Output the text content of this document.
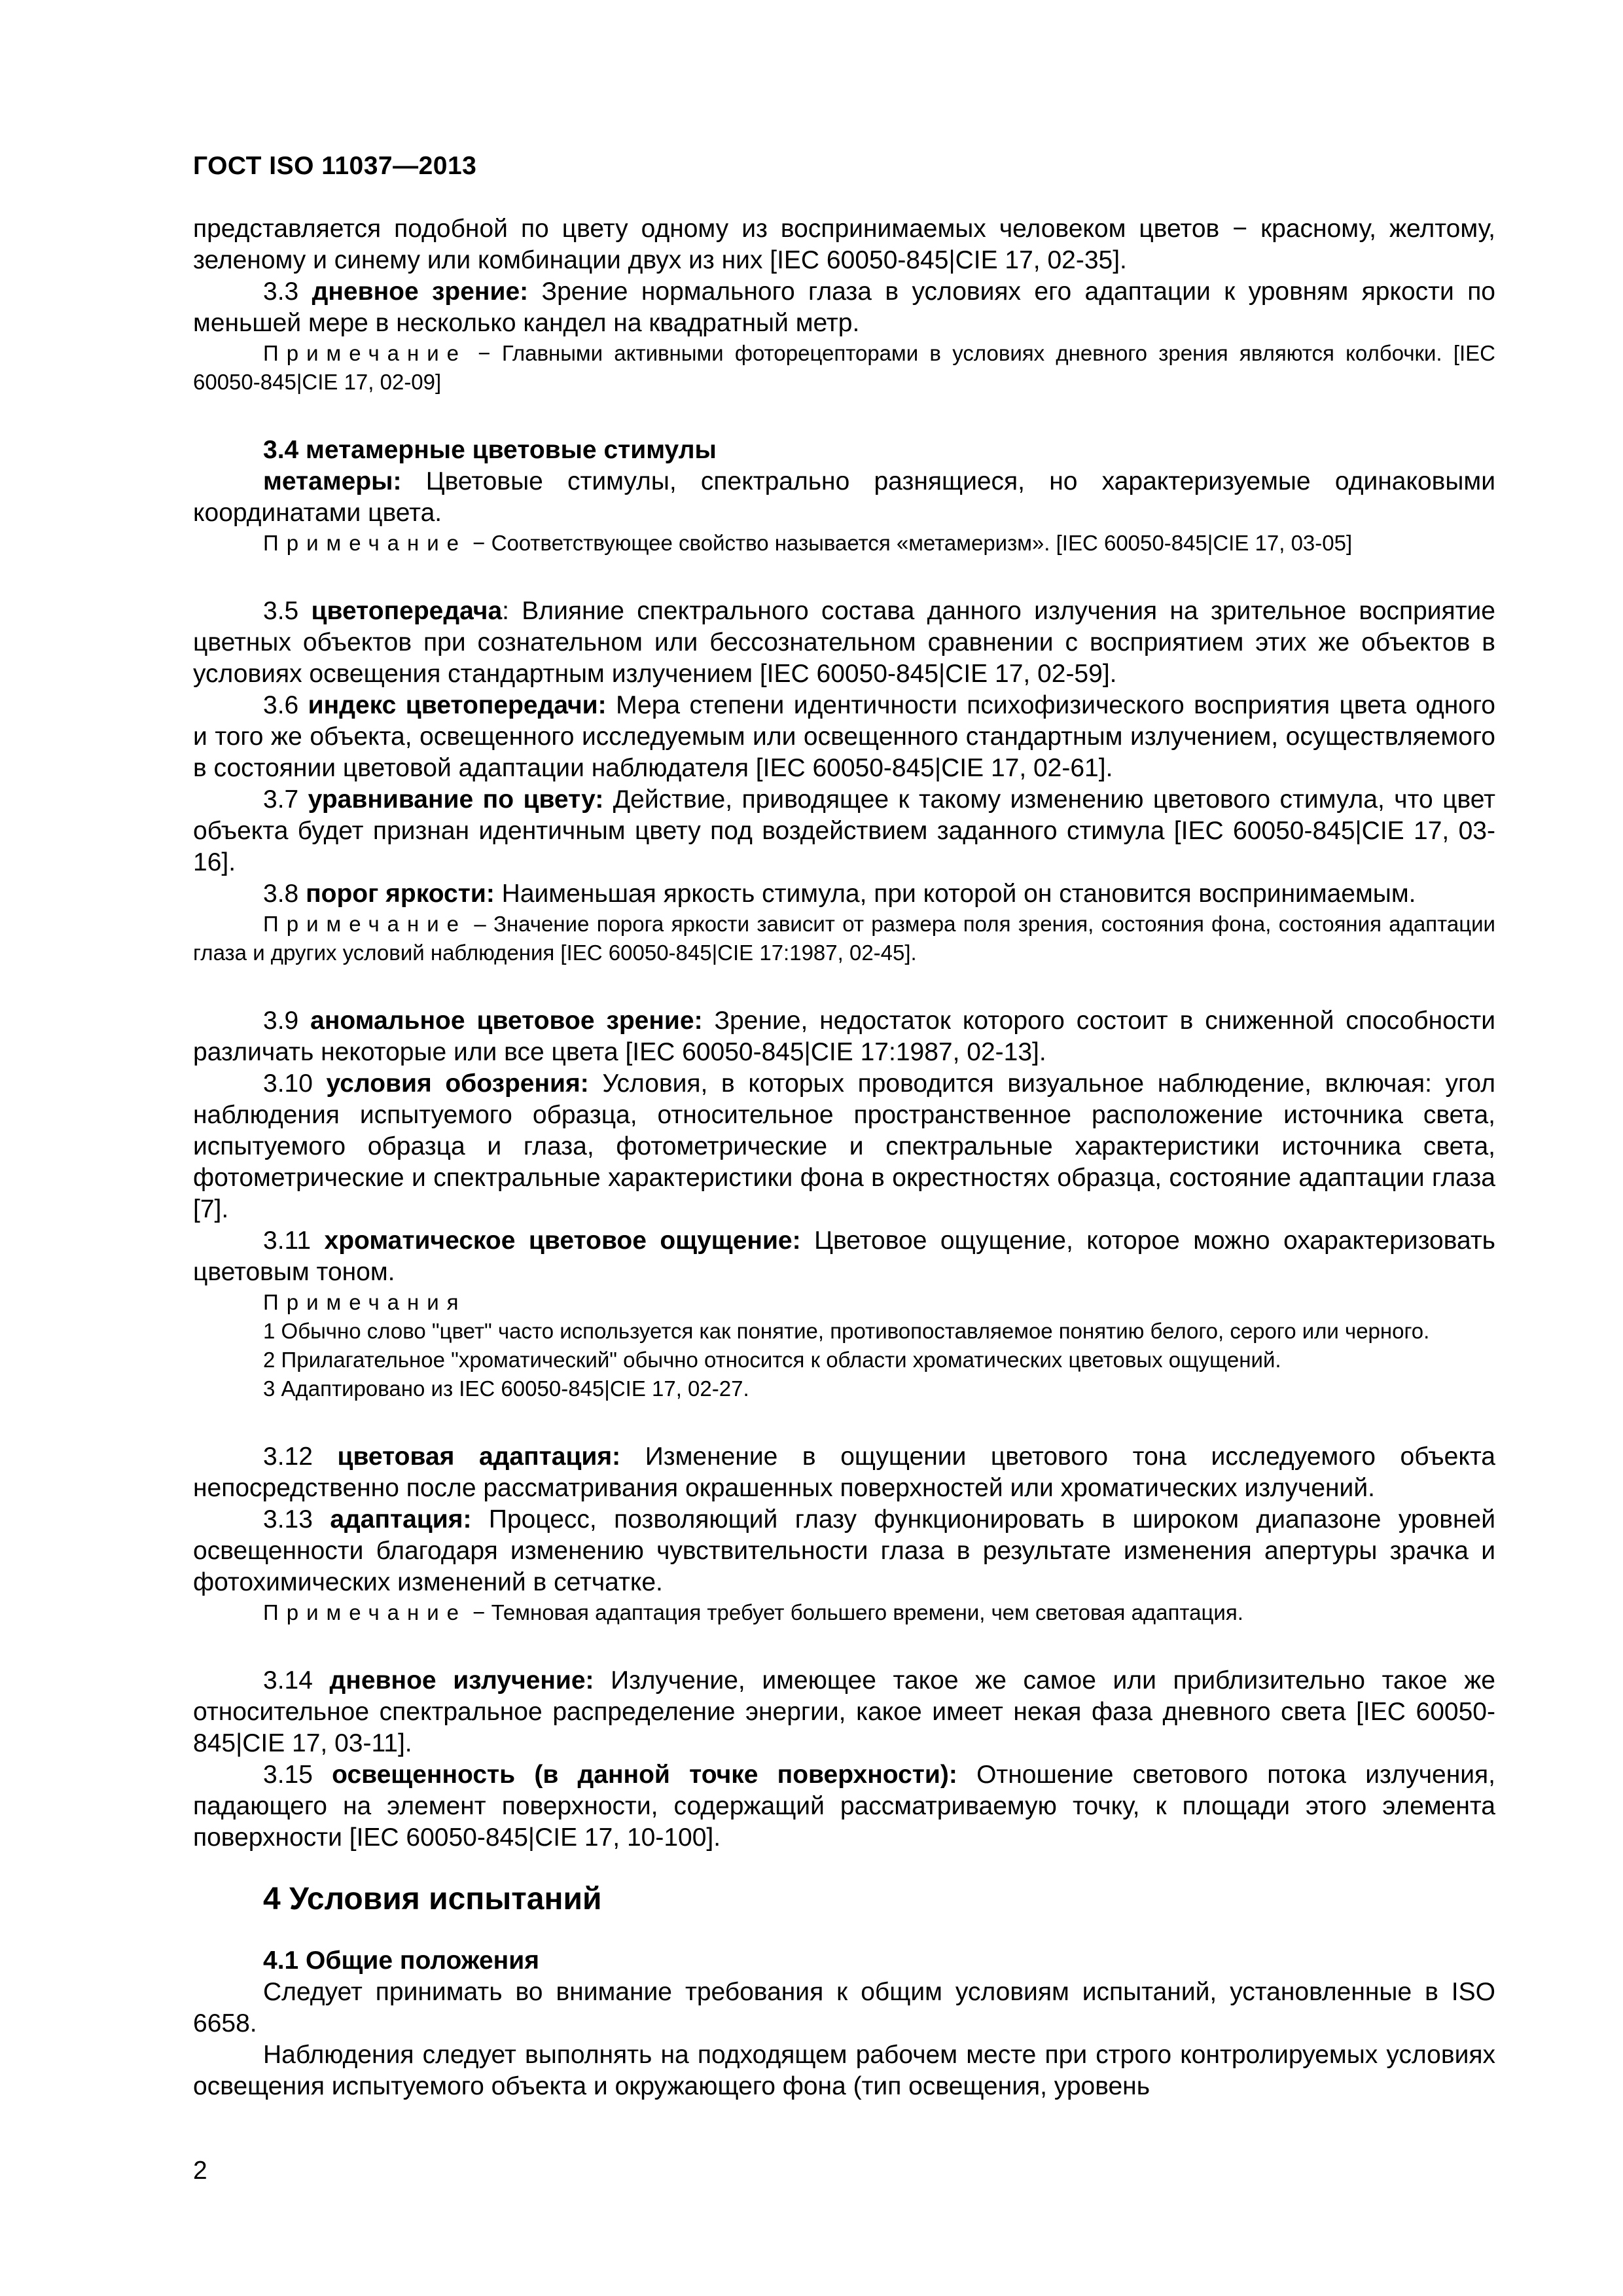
ГОСТ ISO 11037—2013

представляется подобной по цвету одному из воспринимаемых человеком цветов − красному, желтому, зеленому и синему или комбинации двух из них [IEC 60050-845|CIE 17, 02-35].

3.3 дневное зрение: Зрение нормального глаза в условиях его адаптации к уровням яркости по меньшей мере в несколько кандел на квадратный метр.

Примечание − Главными активными фоторецепторами в условиях дневного зрения являются колбочки. [IEC 60050-845|CIE 17, 02-09]

3.4 метамерные цветовые стимулы

метамеры: Цветовые стимулы, спектрально разнящиеся, но характеризуемые одинаковыми координатами цвета.

Примечание − Соответствующее свойство называется «метамеризм». [IEC 60050-845|CIE 17, 03-05]

3.5 цветопередача: Влияние спектрального состава данного излучения на зрительное восприятие цветных объектов при сознательном или бессознательном сравнении с восприятием этих же объектов в условиях освещения стандартным излучением [IEC 60050-845|CIE 17, 02-59].

3.6 индекс цветопередачи: Мера степени идентичности психофизического восприятия цвета одного и того же объекта, освещенного исследуемым или освещенного стандартным излучением, осуществляемого в состоянии цветовой адаптации наблюдателя [IEC 60050-845|CIE 17, 02-61].

3.7 уравнивание по цвету: Действие, приводящее к такому изменению цветового стимула, что цвет объекта будет признан идентичным цвету под воздействием заданного стимула [IEC 60050-845|CIE 17, 03-16].

3.8 порог яркости: Наименьшая яркость стимула, при которой он становится воспринимаемым.

Примечание – Значение порога яркости зависит от размера поля зрения, состояния фона, состояния адаптации глаза и других условий наблюдения [IEC 60050-845|CIE 17:1987, 02-45].

3.9 аномальное цветовое зрение: Зрение, недостаток которого состоит в сниженной способности различать некоторые или все цвета [IEC 60050-845|CIE 17:1987, 02-13].

3.10 условия обозрения: Условия, в которых проводится визуальное наблюдение, включая: угол наблюдения испытуемого образца, относительное пространственное расположение источника света, испытуемого образца и глаза, фотометрические и спектральные характеристики источника света, фотометрические и спектральные характеристики фона в окрестностях образца, состояние адаптации глаза [7].

3.11 хроматическое цветовое ощущение: Цветовое ощущение, которое можно охарактеризовать цветовым тоном.

Примечания

1 Обычно слово "цвет" часто используется как понятие, противопоставляемое понятию белого, серого или черного.

2 Прилагательное "хроматический" обычно относится к области хроматических цветовых ощущений.

3 Адаптировано из IEC 60050-845|CIE 17, 02-27.

3.12 цветовая адаптация: Изменение в ощущении цветового тона исследуемого объекта непосредственно после рассматривания окрашенных поверхностей или хроматических излучений.

3.13 адаптация: Процесс, позволяющий глазу функционировать в широком диапазоне уровней освещенности благодаря изменению чувствительности глаза в результате изменения апертуры зрачка и фотохимических изменений в сетчатке.

Примечание − Темновая адаптация требует большего времени, чем световая адаптация.

3.14 дневное излучение: Излучение, имеющее такое же самое или приблизительно такое же относительное спектральное распределение энергии, какое имеет некая фаза дневного света [IEC 60050-845|CIE 17, 03-11].

3.15 освещенность (в данной точке поверхности): Отношение светового потока излучения, падающего на элемент поверхности, содержащий рассматриваемую точку, к площади этого элемента поверхности [IEC 60050-845|CIE 17, 10-100].

4 Условия испытаний

4.1 Общие положения

Следует принимать во внимание требования к общим условиям испытаний, установленные в ISO 6658.

Наблюдения следует выполнять на подходящем рабочем месте при строго контролируемых условиях освещения испытуемого объекта и окружающего фона (тип освещения, уровень

2
